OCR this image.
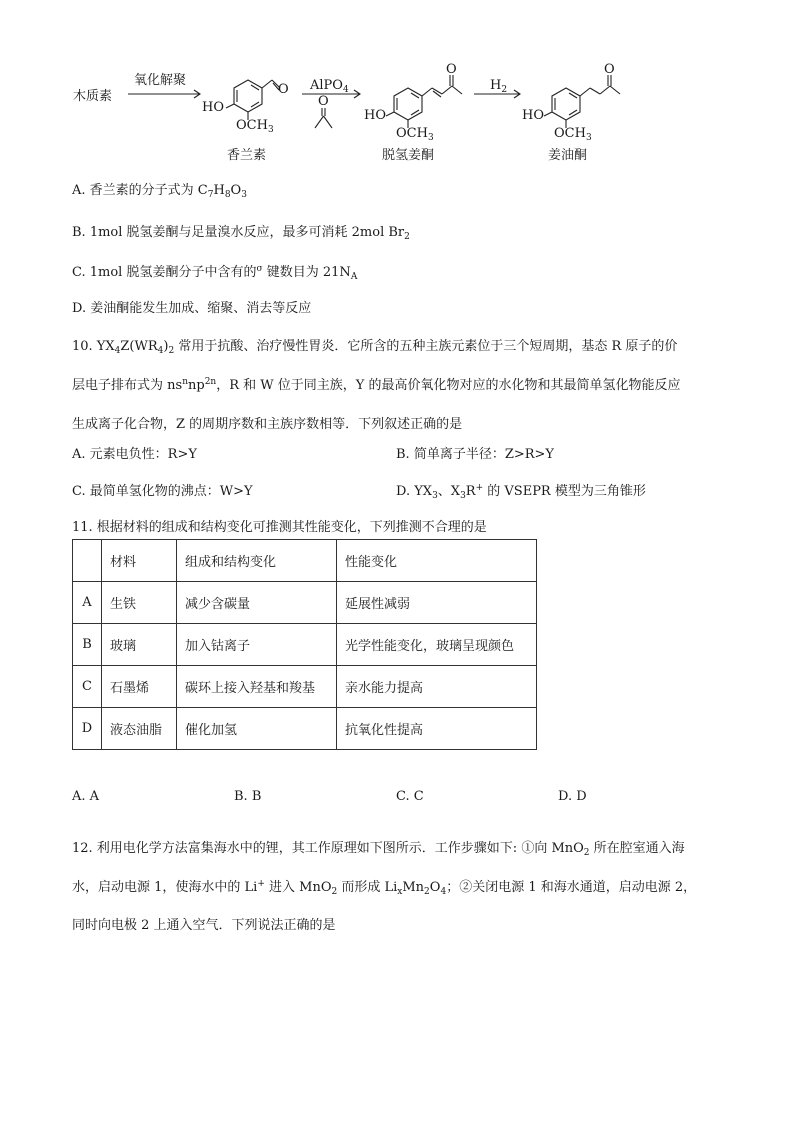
木质素
氧化解聚
O
HO
$OCH_3$
香兰素
AlPO$_4$
O
O
HO
$OCH_3$
脱氢姜酮
$H_2$
O
HO
$OCH_3$
姜油酮
A. 香兰素的分子式为 $C_7H_8O_3$
B. 1mol 脱氢姜酮与足量溴水反应，最多可消耗 2mol $Br_2$
C. 1mol 脱氢姜酮分子中含有的$^\sigma$ 键数目为 $21N_A$
D. 姜油酮能发生加成、缩聚、消去等反应
10. $YX_4Z(WR_4)_2$ 常用于抗酸、治疗慢性胃炎．它所含的五种主族元素位于三个短周期，基态 R 原子的价
层电子排布式为 $ns^nnp^{2n}$，R 和 W 位于同主族，Y 的最高价氧化物对应的水化物和其最简单氢化物能反应
生成离子化合物，Z 的周期序数和主族序数相等．下列叙述正确的是
A. 元素电负性：R>Y	B. 简单离子半径：Z>R>Y
C. 最简单氢化物的沸点：W>Y	D. $YX_3$、$X_3R^+$ 的 VSEPR 模型为三角锥形
11. 根据材料的组成和结构变化可推测其性能变化，下列推测不合理的是
	材料	组成和结构变化	性能变化
A	生铁	减少含碳量	延展性减弱
B	玻璃	加入钴离子	光学性能变化，玻璃呈现颜色
C	石墨烯	碳环上接入羟基和羧基	亲水能力提高
D	液态油脂	催化加氢	抗氧化性提高
A. A	B. B	C. C	D. D
12. 利用电化学方法富集海水中的锂，其工作原理如下图所示．工作步骤如下: ①向 MnO$_2$ 所在腔室通入海
水，启动电源 1，使海水中的 Li+ 进入 MnO$_2$ 而形成 $Li_xMn_2O_4$；②关闭电源 1 和海水通道，启动电源 2，
同时向电极 2 上通入空气．下列说法正确的是
